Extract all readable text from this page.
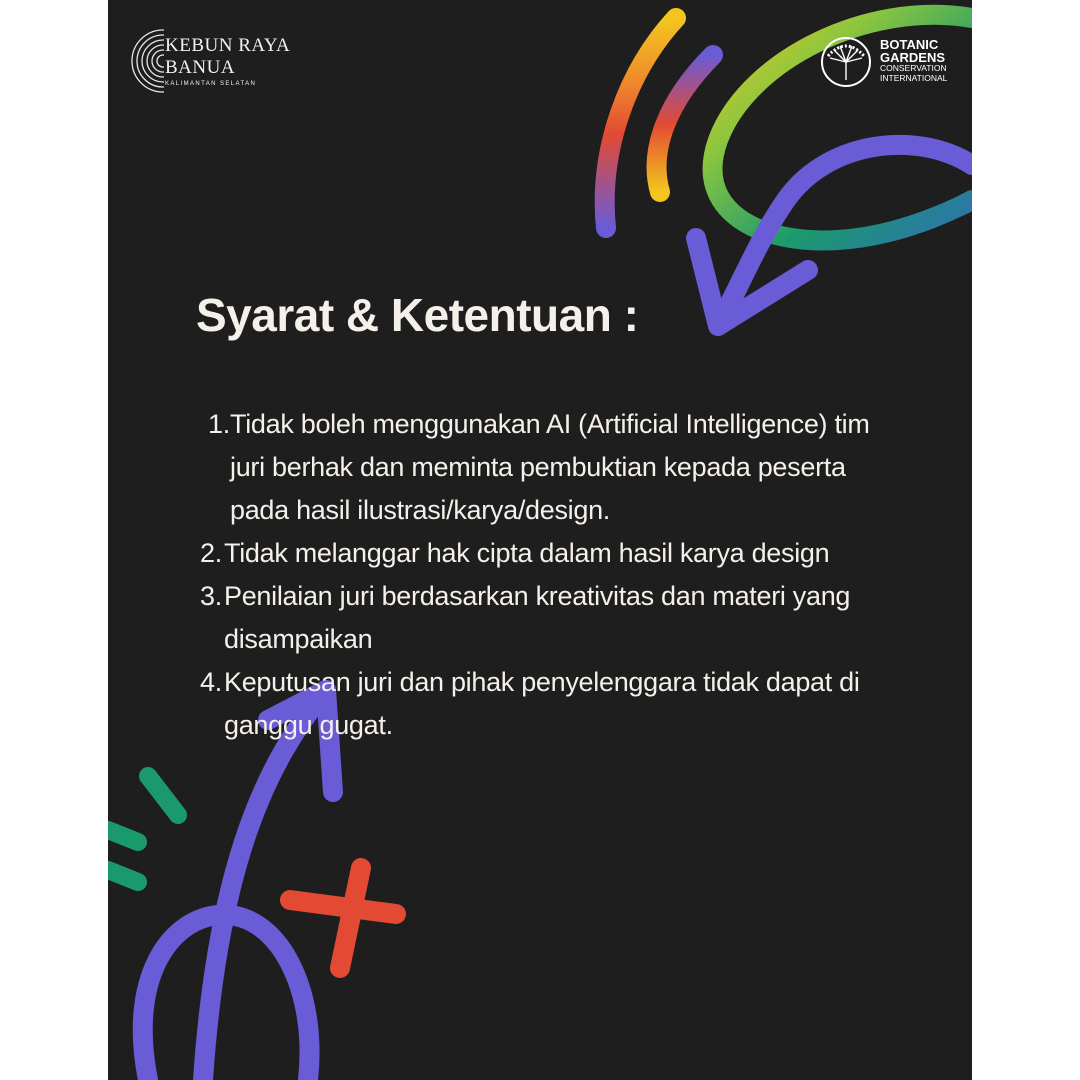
KEBUN RAYA
BANUA
KALIMANTAN SELATAN
BOTANIC
GARDENS
CONSERVATION
INTERNATIONAL
Syarat & Ketentuan :
1. Tidak boleh menggunakan AI (Artificial Intelligence) tim juri berhak dan meminta pembuktian kepada peserta pada hasil ilustrasi/karya/design.
2. Tidak melanggar hak cipta dalam hasil karya design
3. Penilaian juri berdasarkan kreativitas dan materi yang disampaikan
4. Keputusan juri dan pihak penyelenggara tidak dapat di ganggu gugat.
